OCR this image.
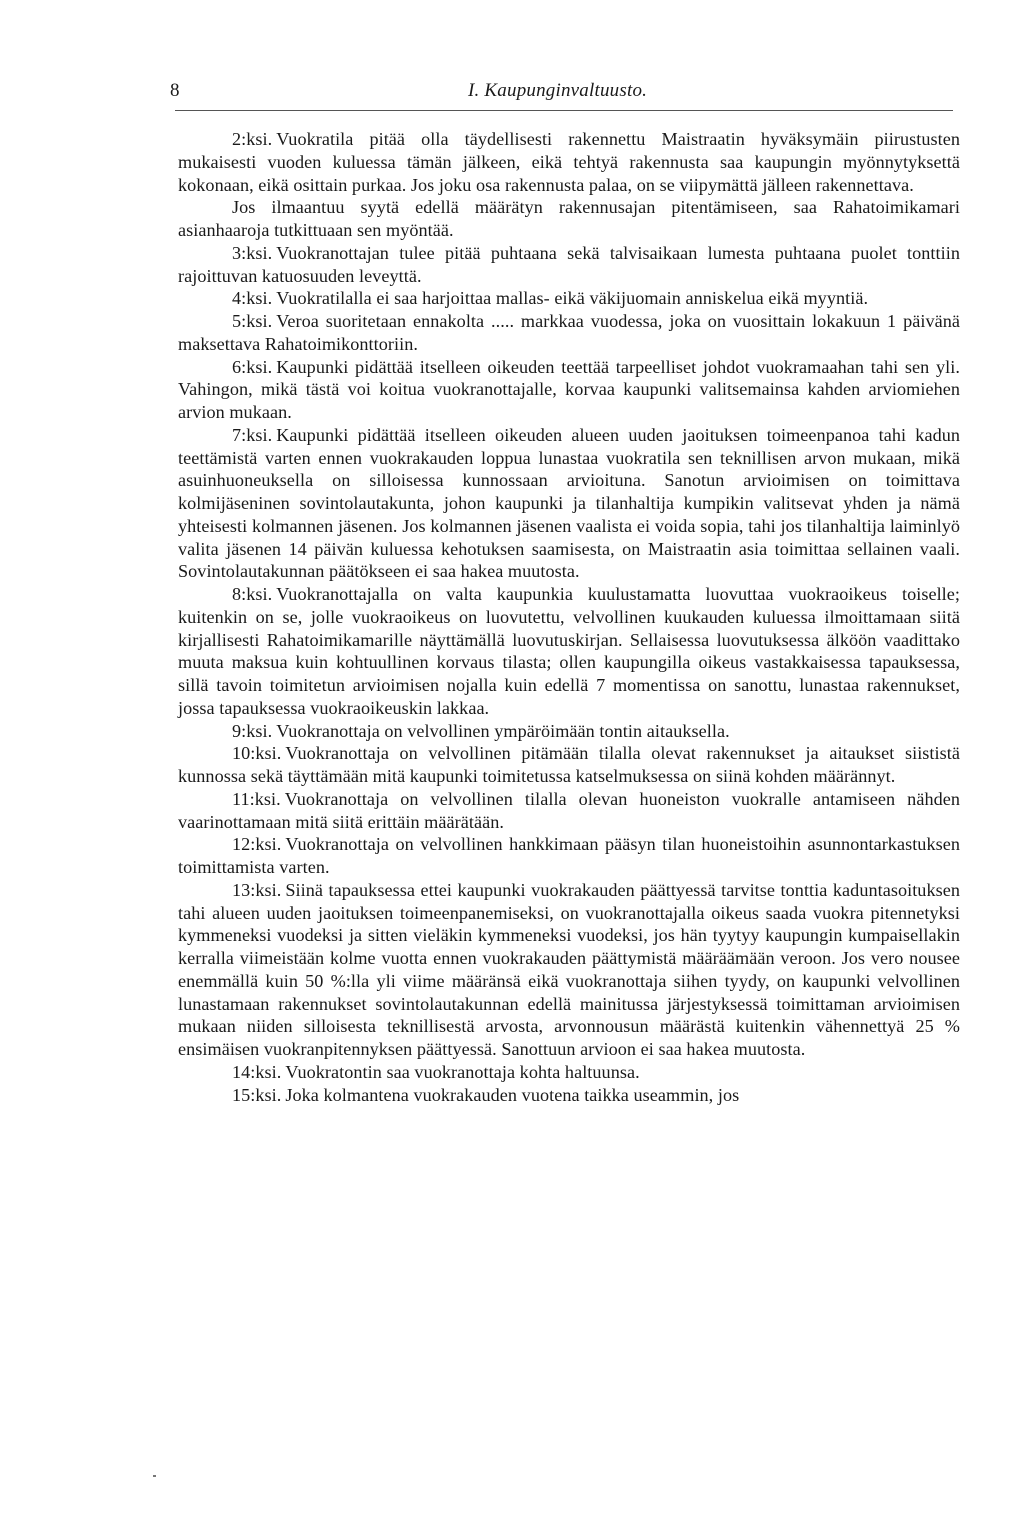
8	I. Kaupunginvaltuusto.

2:ksi. Vuokratila pitää olla täydellisesti rakennettu Maistraatin hyväksymäin piirustusten mukaisesti vuoden kuluessa tämän jälkeen, eikä tehtyä rakennusta saa kaupungin myönnytyksettä kokonaan, eikä osittain purkaa. Jos joku osa rakennusta palaa, on se viipymättä jälleen rakennettava.

Jos ilmaantuu syytä edellä määrätyn rakennusajan pitentämiseen, saa Rahatoimikamari asianhaaroja tutkittuaan sen myöntää.

3:ksi. Vuokranottajan tulee pitää puhtaana sekä talvisaikaan lumesta puhtaana puolet tonttiin rajoittuvan katuosuuden leveyttä.

4:ksi. Vuokratilalla ei saa harjoittaa mallas- eikä väkijuomain anniskelua eikä myyntiä.

5:ksi. Veroa suoritetaan ennakolta ..... markkaa vuodessa, joka on vuosittain lokakuun 1 päivänä maksettava Rahatoimikonttoriin.

6:ksi. Kaupunki pidättää itselleen oikeuden teettää tarpeelliset johdot vuokramaahan tahi sen yli. Vahingon, mikä tästä voi koitua vuokranottajalle, korvaa kaupunki valitsemainsa kahden arviomiehen arvion mukaan.

7:ksi. Kaupunki pidättää itselleen oikeuden alueen uuden jaoituksen toimeenpanoa tahi kadun teettämistä varten ennen vuokrakauden loppua lunastaa vuokratila sen teknillisen arvon mukaan, mikä asuinhuoneuksella on silloisessa kunnossaan arvioituna. Sanotun arvioimisen on toimittava kolmijäseninen sovintolautakunta, johon kaupunki ja tilanhaltija kumpikin valitsevat yhden ja nämä yhteisesti kolmannen jäsenen. Jos kolmannen jäsenen vaalista ei voida sopia, tahi jos tilanhaltija laiminlyö valita jäsenen 14 päivän kuluessa kehotuksen saamisesta, on Maistraatin asia toimittaa sellainen vaali. Sovintolautakunnan päätökseen ei saa hakea muutosta.

8:ksi. Vuokranottajalla on valta kaupunkia kuulustamatta luovuttaa vuokraoikeus toiselle; kuitenkin on se, jolle vuokraoikeus on luovutettu, velvollinen kuukauden kuluessa ilmoittamaan siitä kirjallisesti Rahatoimikamarille näyttämällä luovutuskirjan. Sellaisessa luovutuksessa älköön vaadittako muuta maksua kuin kohtuullinen korvaus tilasta; ollen kaupungilla oikeus vastakkaisessa tapauksessa, sillä tavoin toimitetun arvioimisen nojalla kuin edellä 7 momentissa on sanottu, lunastaa rakennukset, jossa tapauksessa vuokraoikeuskin lakkaa.

9:ksi. Vuokranottaja on velvollinen ympäröimään tontin aitauksella.

10:ksi. Vuokranottaja on velvollinen pitämään tilalla olevat rakennukset ja aitaukset siististä kunnossa sekä täyttämään mitä kaupunki toimitetussa katselmuksessa on siinä kohden määrännyt.

11:ksi. Vuokranottaja on velvollinen tilalla olevan huoneiston vuokralle antamiseen nähden vaarinottamaan mitä siitä erittäin määrätään.

12:ksi. Vuokranottaja on velvollinen hankkimaan pääsyn tilan huoneistoihin asunnontarkastuksen toimittamista varten.

13:ksi. Siinä tapauksessa ettei kaupunki vuokrakauden päättyessä tarvitse tonttia kaduntasoituksen tahi alueen uuden jaoituksen toimeenpanemiseksi, on vuokranottajalla oikeus saada vuokra pitennetyksi kymmeneksi vuodeksi ja sitten vieläkin kymmeneksi vuodeksi, jos hän tyytyy kaupungin kumpaisellakin kerralla viimeistään kolme vuotta ennen vuokrakauden päättymistä määräämään veroon. Jos vero nousee enemmällä kuin 50 %:lla yli viime määränsä eikä vuokranottaja siihen tyydy, on kaupunki velvollinen lunastamaan rakennukset sovintolautakunnan edellä mainitussa järjestyksessä toimittaman arvioimisen mukaan niiden silloisesta teknillisestä arvosta, arvonnousun määrästä kuitenkin vähennettyä 25 % ensimäisen vuokranpitennyksen päättyessä. Sanottuun arvioon ei saa hakea muutosta.

14:ksi. Vuokratontin saa vuokranottaja kohta haltuunsa.

15:ksi. Joka kolmantena vuokrakauden vuotena taikka useammin, jos
